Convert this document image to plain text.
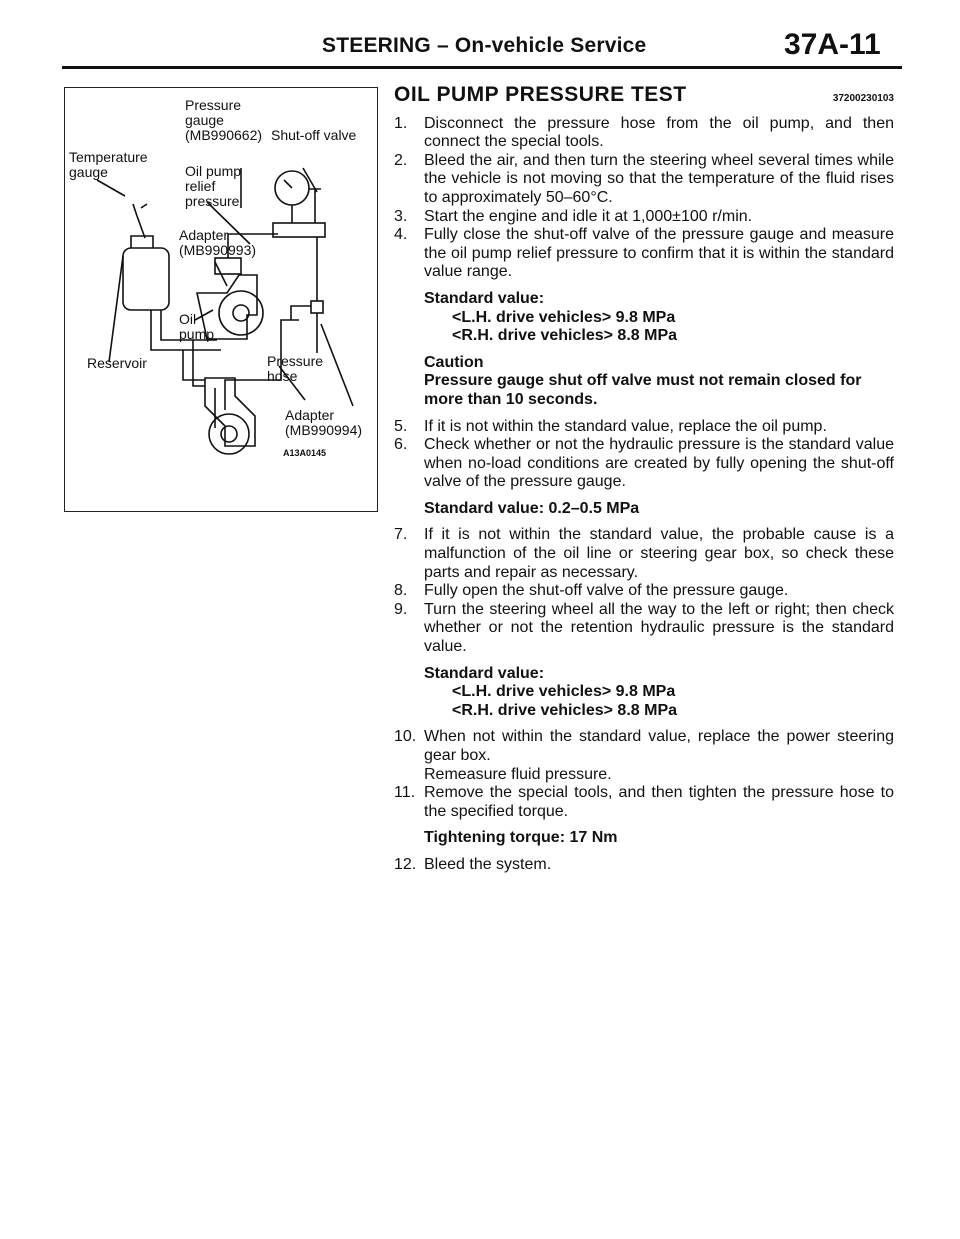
STEERING – On-vehicle Service	37A-11
Pressure
gauge
(MB990662) Shut-off valve
Temperature
gauge	Oil pump
relief
pressure
Adapter
(MB990993)
Oil
pump
Reservoir	Pressure
hose
Adapter
(MB990994)
A13A0145
OIL PUMP PRESSURE TEST	37200230103
1.	Disconnect the pressure hose from the oil pump, and then connect the special tools.
2.	Bleed the air, and then turn the steering wheel several times while the vehicle is not moving so that the temperature of the fluid rises to approximately 50–60°C.
3.	Start the engine and idle it at 1,000±100 r/min.
4.	Fully close the shut-off valve of the pressure gauge and measure the oil pump relief pressure to confirm that it is within the standard value range.
Standard value:
<L.H. drive vehicles> 9.8 MPa
<R.H. drive vehicles> 8.8 MPa
Caution
Pressure gauge shut off valve must not remain closed for more than 10 seconds.
5.	If it is not within the standard value, replace the oil pump.
6.	Check whether or not the hydraulic pressure is the standard value when no-load conditions are created by fully opening the shut-off valve of the pressure gauge.
Standard value: 0.2–0.5 MPa
7.	If it is not within the standard value, the probable cause is a malfunction of the oil line or steering gear box, so check these parts and repair as necessary.
8.	Fully open the shut-off valve of the pressure gauge.
9.	Turn the steering wheel all the way to the left or right; then check whether or not the retention hydraulic pressure is the standard value.
Standard value:
<L.H. drive vehicles> 9.8 MPa
<R.H. drive vehicles> 8.8 MPa
10. When not within the standard value, replace the power steering gear box.
Remeasure fluid pressure.
11. Remove the special tools, and then tighten the pressure hose to the specified torque.
Tightening torque: 17 Nm
12. Bleed the system.
